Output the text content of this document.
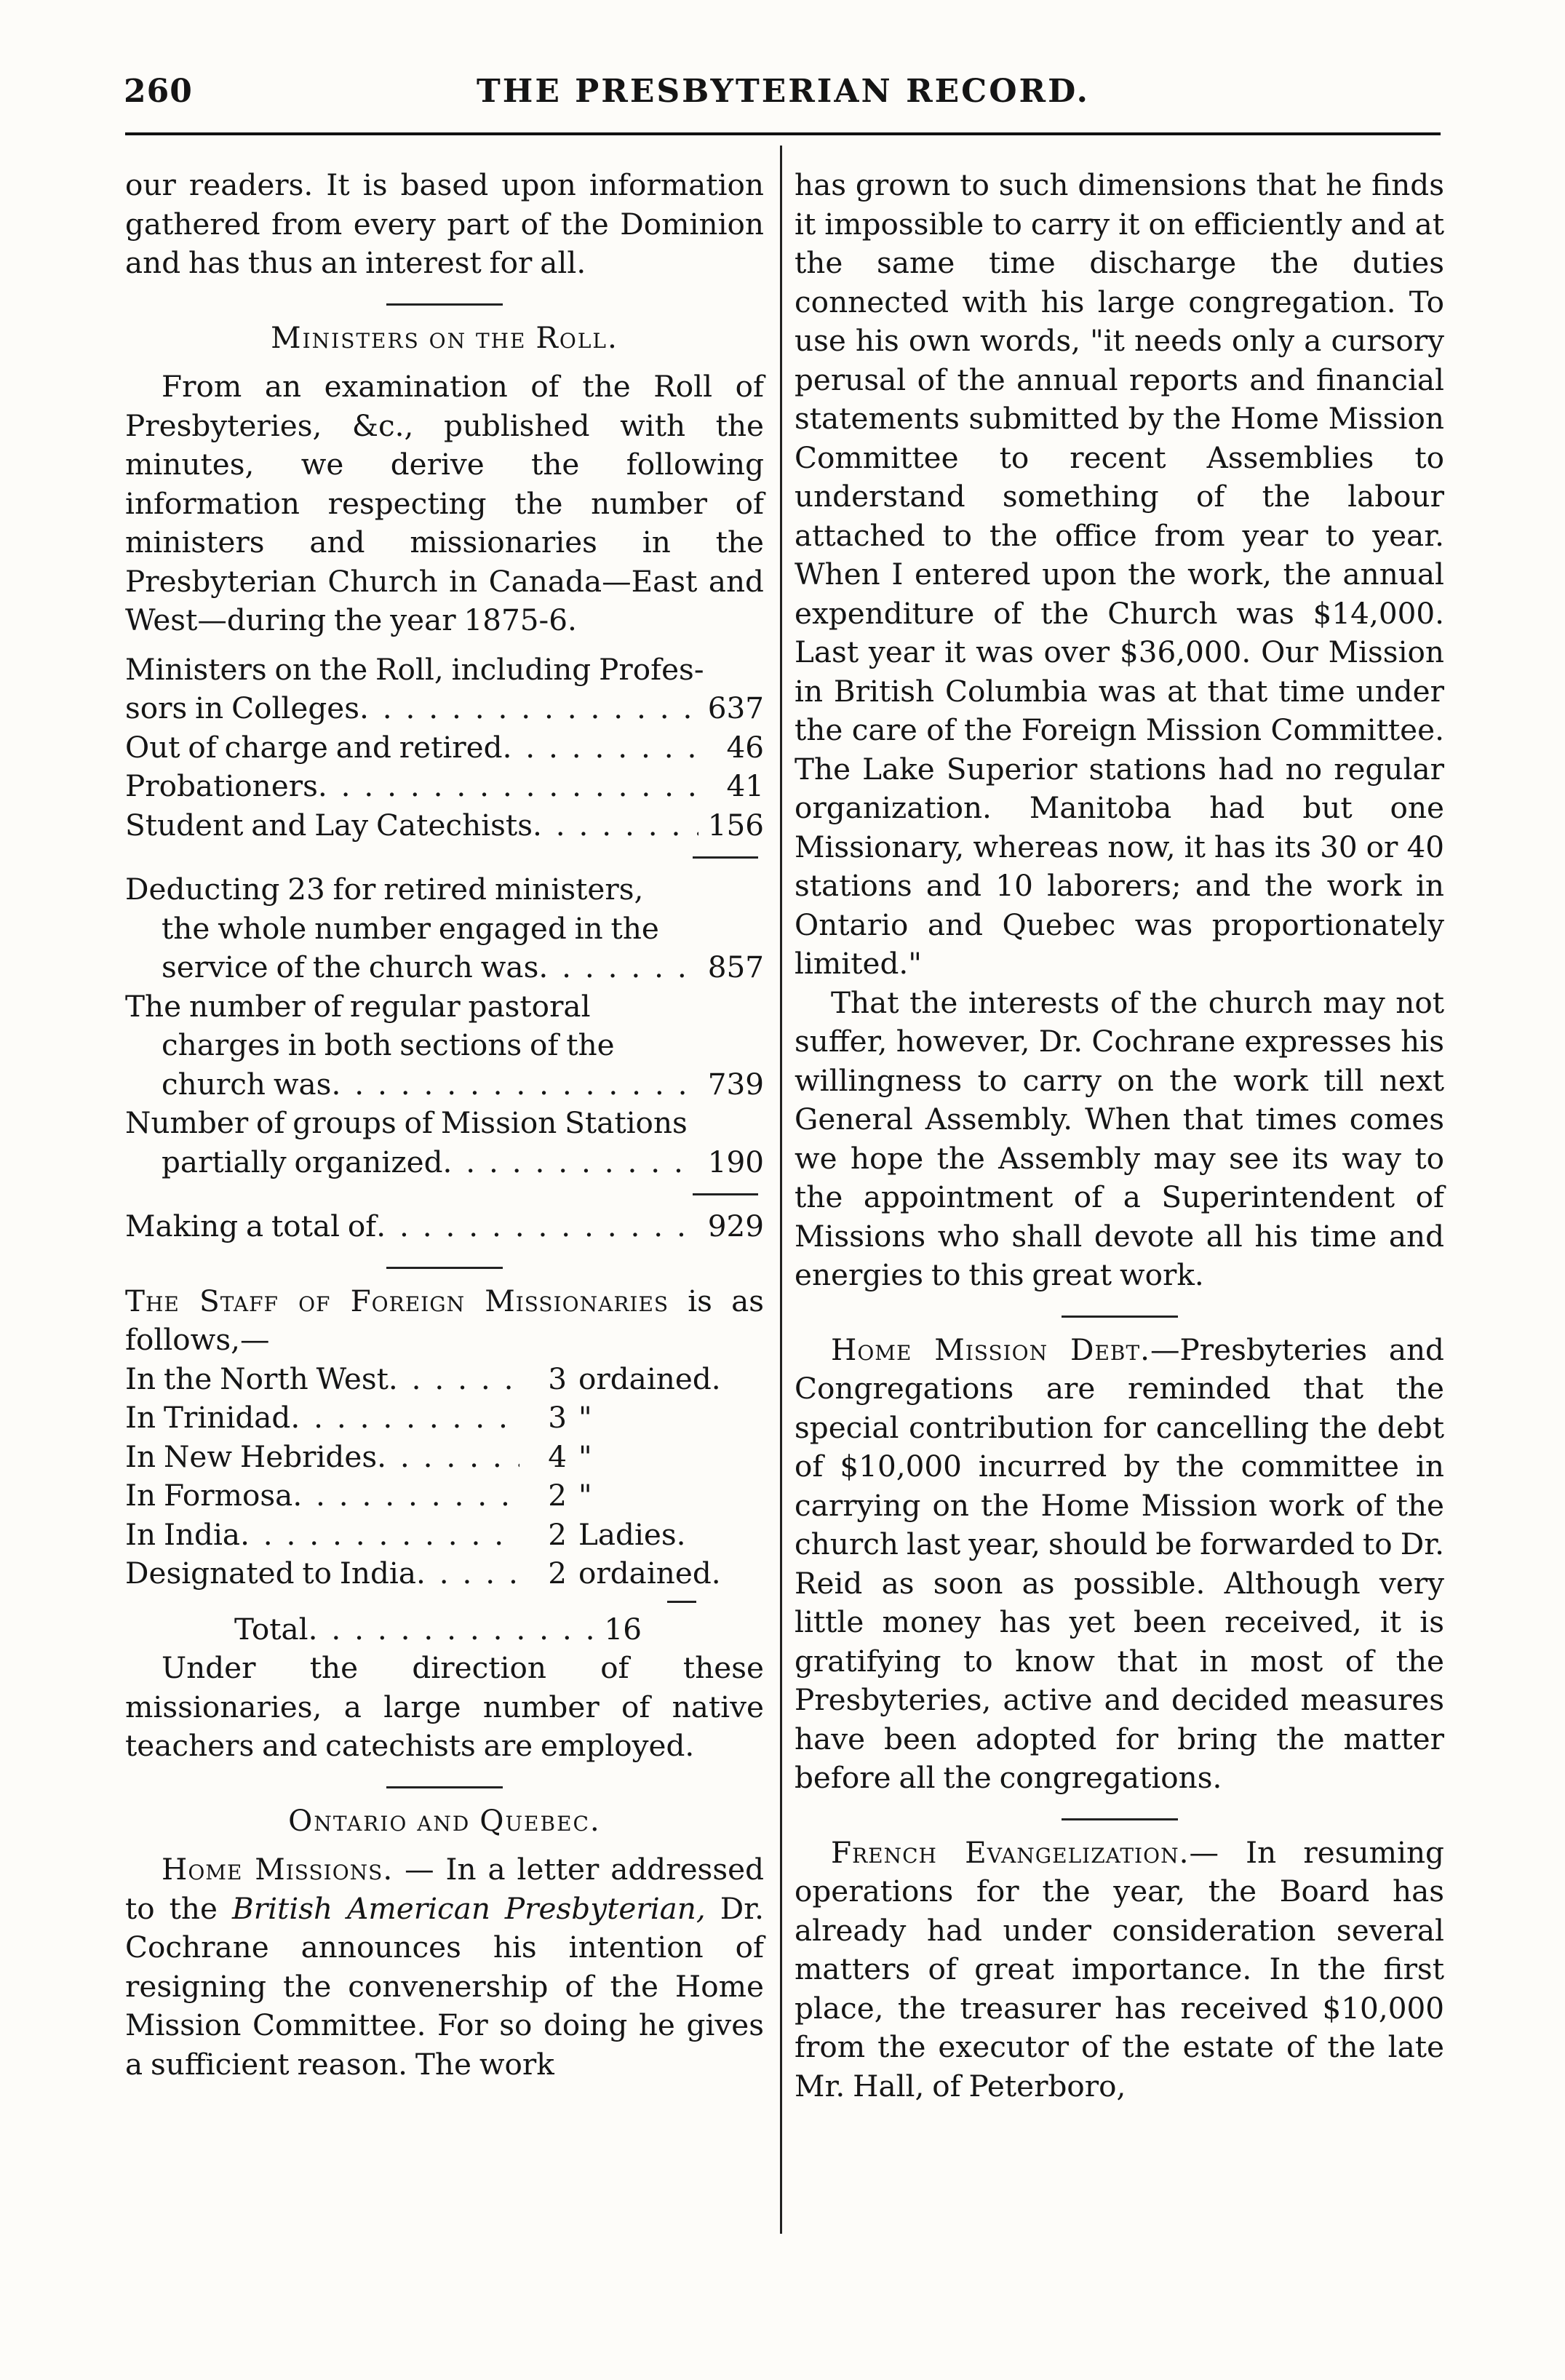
260	THE PRESBYTERIAN RECORD.

our readers. It is based upon information gathered from every part of the Dominion and has thus an interest for all.

Ministers on the Roll.

From an examination of the Roll of Presbyteries, &c., published with the minutes, we derive the following information respecting the number of ministers and missionaries in the Presbyterian Church in Canada—East and West—during the year 1875-6.

Ministers on the Roll, including Profes-

sors in Colleges . . .	637
Out of charge and retired . . .	46
Probationers . . .	41
Student and Lay Catechists . . .	156

Deducting 23 for retired ministers,

the whole number engaged in the

service of the church was . . .	857

The number of regular pastoral

charges in both sections of the

church was . . .	739

Number of groups of Mission Stations

partially organized . . .	190
Making a total of . . .	929

The Staff of Foreign Missionaries is as follows,—

In the North West . . .	3 ordained.
In Trinidad . . .	3 "
In New Hebrides . . .	4 "
In Formosa . . .	2 "
In India . . .	2 Ladies.
Designated to India . . .	2 ordained.
Total . . .	16

Under the direction of these missionaries, a large number of native teachers and catechists are employed.

Ontario and Quebec.

Home Missions. — In a letter addressed to the British American Presbyterian, Dr. Cochrane announces his intention of resigning the convenership of the Home Mission Committee. For so doing he gives a sufficient reason. The work

has grown to such dimensions that he finds it impossible to carry it on efficiently and at the same time discharge the duties connected with his large congregation. To use his own words, "it needs only a cursory perusal of the annual reports and financial statements submitted by the Home Mission Committee to recent Assemblies to understand something of the labour attached to the office from year to year. When I entered upon the work, the annual expenditure of the Church was $14,000. Last year it was over $36,000. Our Mission in British Columbia was at that time under the care of the Foreign Mission Committee. The Lake Superior stations had no regular organization. Manitoba had but one Missionary, whereas now, it has its 30 or 40 stations and 10 laborers; and the work in Ontario and Quebec was proportionately limited."

That the interests of the church may not suffer, however, Dr. Cochrane expresses his willingness to carry on the work till next General Assembly. When that times comes we hope the Assembly may see its way to the appointment of a Superintendent of Missions who shall devote all his time and energies to this great work.

Home Mission Debt.—Presbyteries and Congregations are reminded that the special contribution for cancelling the debt of $10,000 incurred by the committee in carrying on the Home Mission work of the church last year, should be forwarded to Dr. Reid as soon as possible. Although very little money has yet been received, it is gratifying to know that in most of the Presbyteries, active and decided measures have been adopted for bring the matter before all the congregations.

French Evangelization.— In resuming operations for the year, the Board has already had under consideration several matters of great importance. In the first place, the treasurer has received $10,000 from the executor of the estate of the late Mr. Hall, of Peterboro,
